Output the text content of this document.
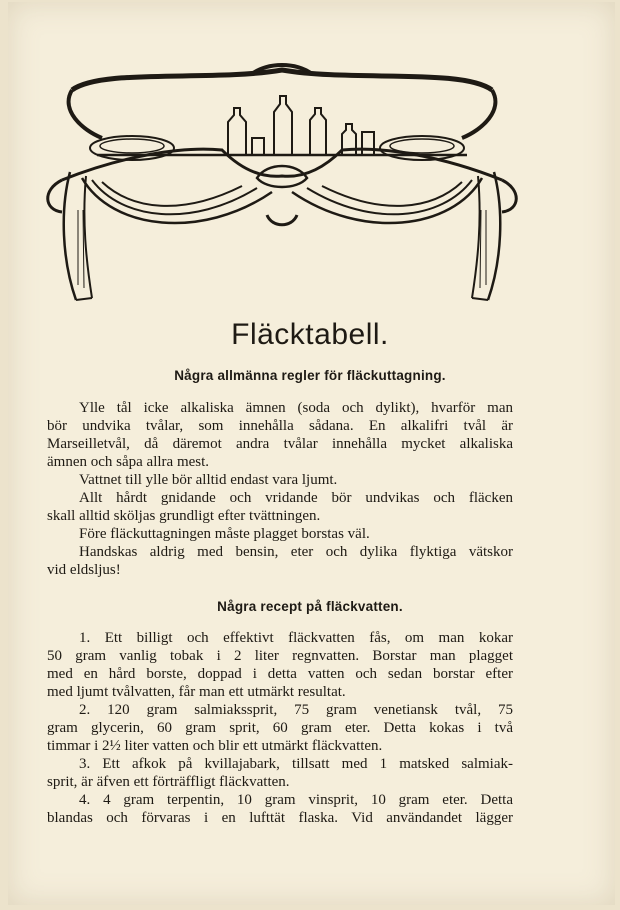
Fläcktabell.
Några allmänna regler för fläckuttagning.
Ylle tål icke alkaliska ämnen (soda och dylikt), hvarför man
bör undvika tvålar, som innehålla sådana. En alkalifri tvål är
Marseilletvål, då däremot andra tvålar innehålla mycket alkaliska
ämnen och såpa allra mest.
Vattnet till ylle bör alltid endast vara ljumt.
Allt hårdt gnidande och vridande bör undvikas och fläcken
skall alltid sköljas grundligt efter tvättningen.
Före fläckuttagningen måste plagget borstas väl.
Handskas aldrig med bensin, eter och dylika flyktiga vätskor
vid eldsljus!
Några recept på fläckvatten.
1. Ett billigt och effektivt fläckvatten fås, om man kokar
50 gram vanlig tobak i 2 liter regnvatten. Borstar man plagget
med en hård borste, doppad i detta vatten och sedan borstar efter
med ljumt tvålvatten, får man ett utmärkt resultat.
2. 120 gram salmiakssprit, 75 gram venetiansk tvål, 75
gram glycerin, 60 gram sprit, 60 gram eter. Detta kokas i två
timmar i 2½ liter vatten och blir ett utmärkt fläckvatten.
3. Ett afkok på kvillajabark, tillsatt med 1 matsked salmiak-
sprit, är äfven ett förträffligt fläckvatten.
4. 4 gram terpentin, 10 gram vinsprit, 10 gram eter. Detta
blandas och förvaras i en lufttät flaska. Vid användandet lägger
